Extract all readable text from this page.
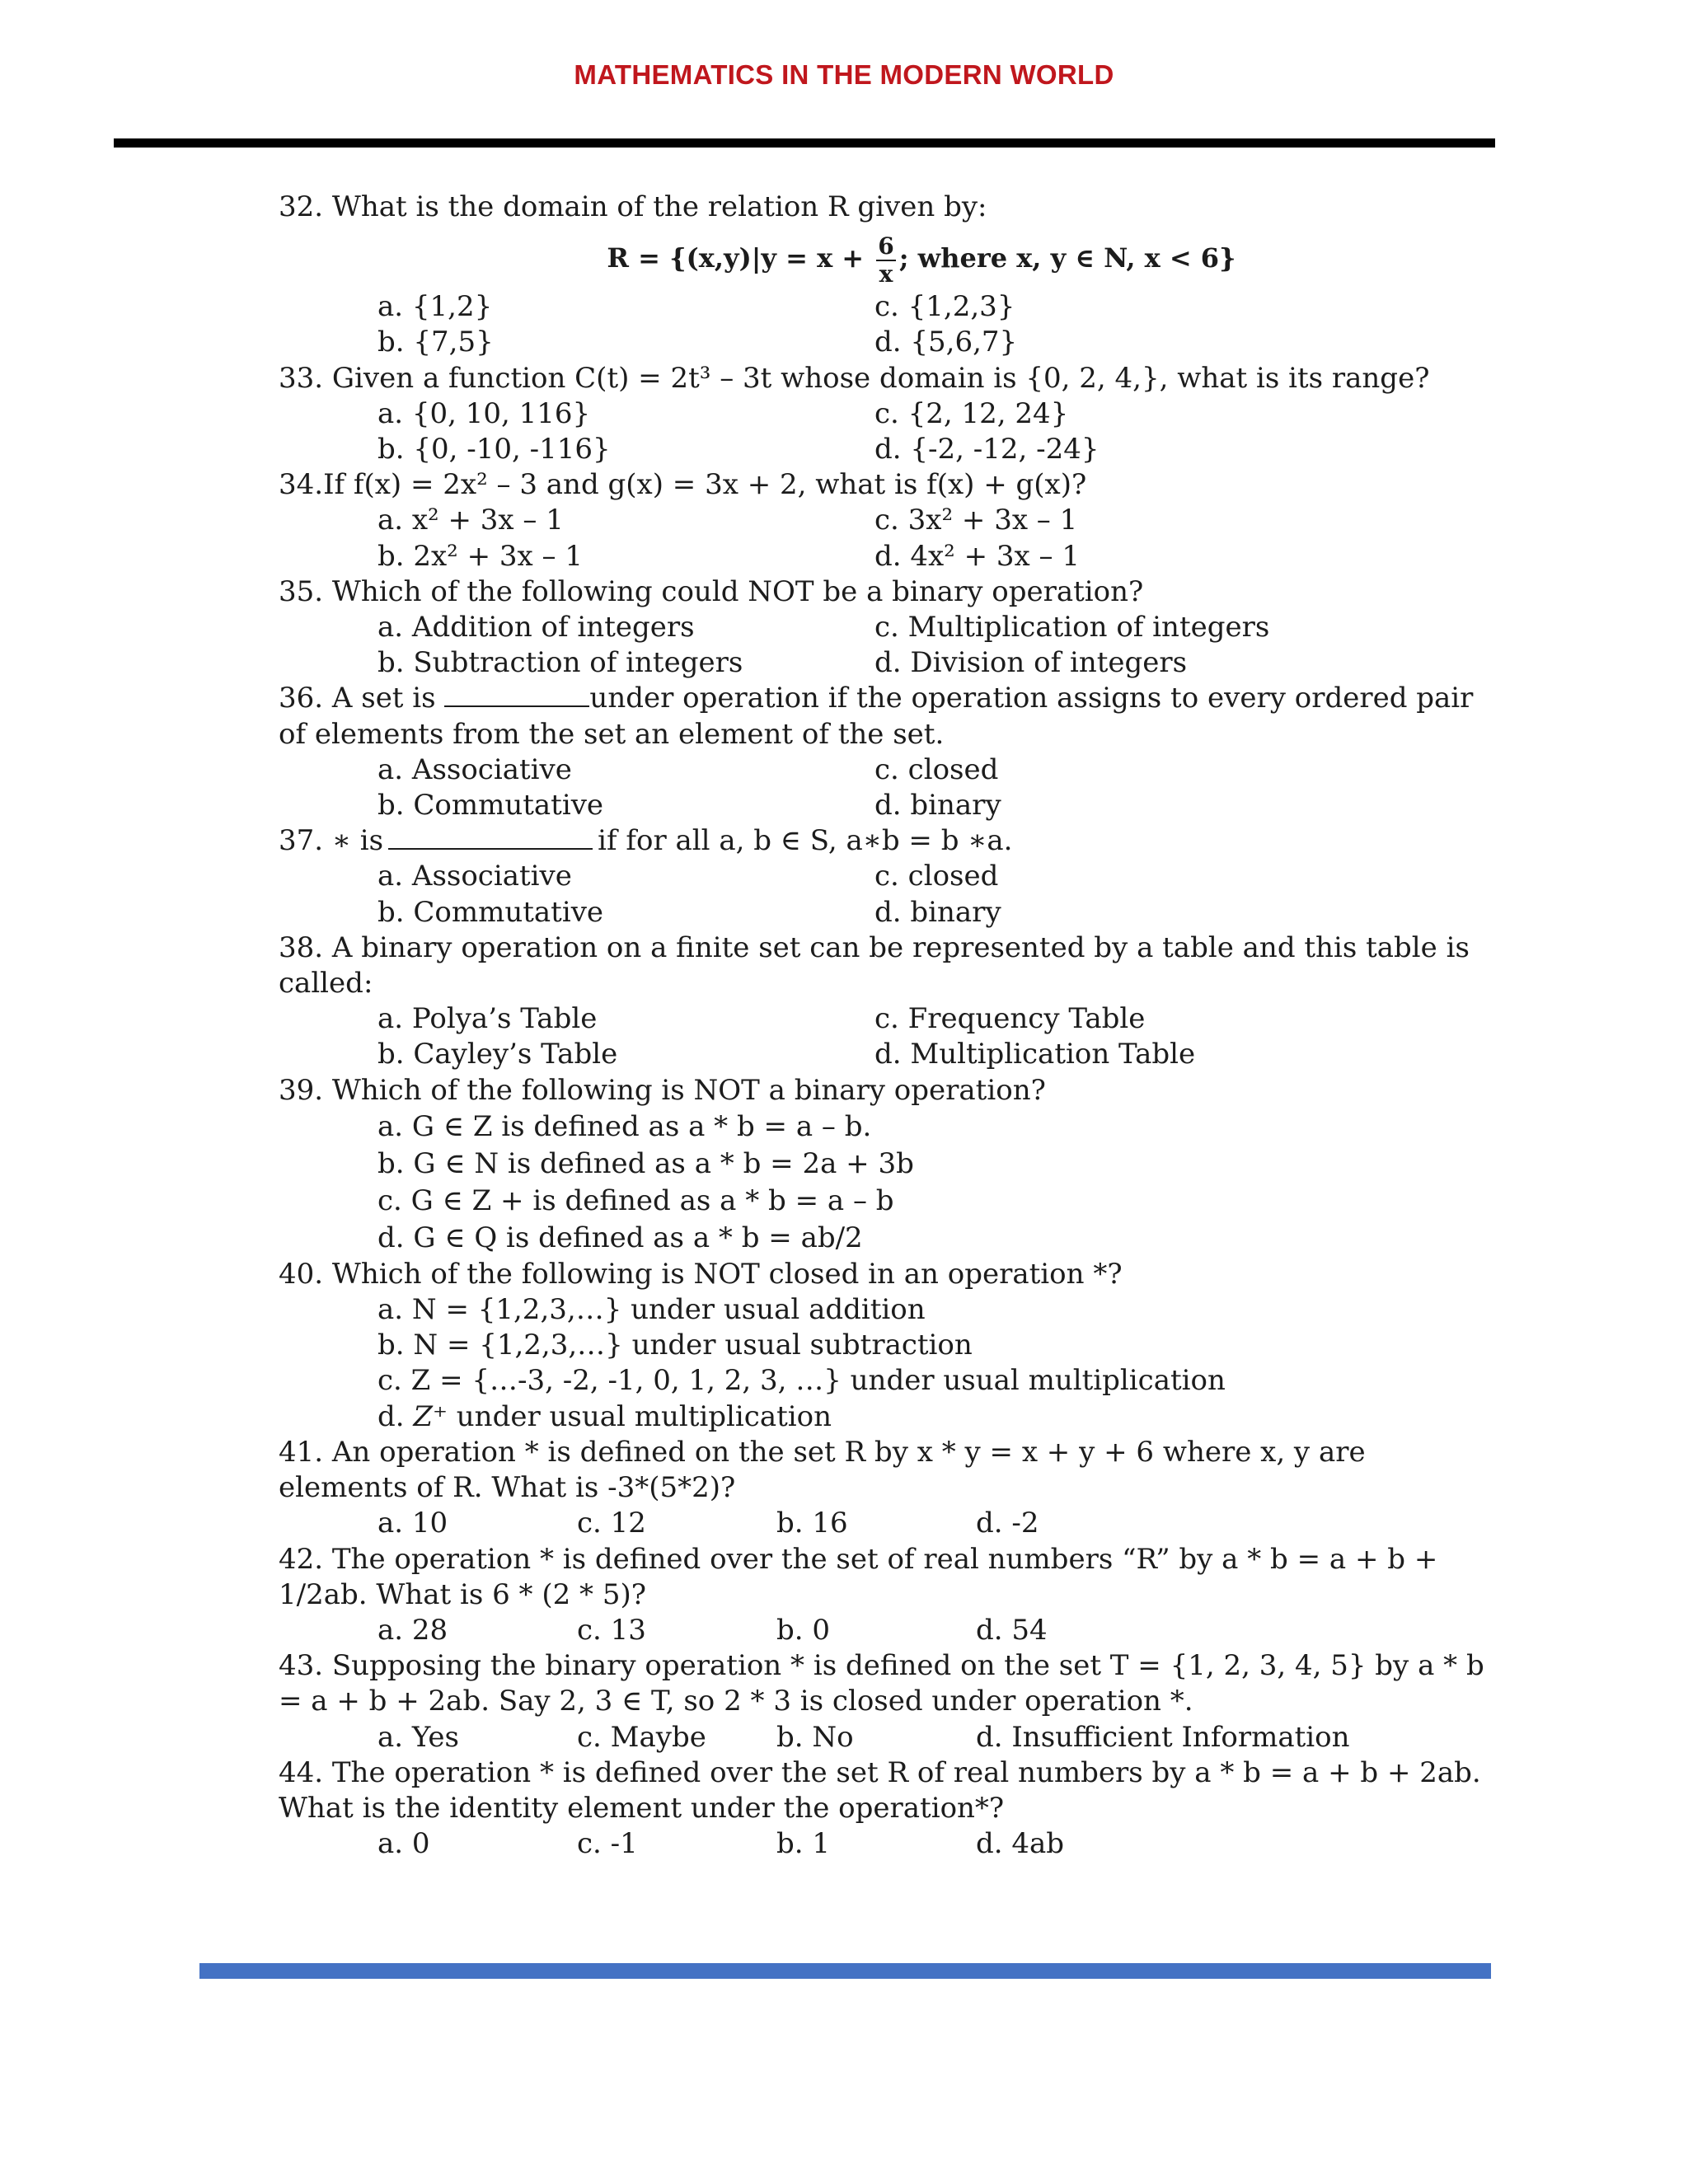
MATHEMATICS IN THE MODERN WORLD
32. What is the domain of the relation R given by:
$R = \{(x,y)|y = x + \frac{6}{x}$ ; where x, y ∈ N, x < 6}
a. {1,2}	c. {1,2,3}
b. {7,5}	d. {5,6,7}
33. Given a function C(t) = 2t³ – 3t whose domain is {0, 2, 4,}, what is its range?
a. {0, 10, 116}	c. {2, 12, 24}
b. {0, -10, -116}	d. {-2, -12, -24}
34.If f(x) = 2x² – 3 and g(x) = 3x + 2, what is f(x) + g(x)?
a. x² + 3x – 1	c. 3x² + 3x – 1
b. 2x² + 3x – 1	d. 4x² + 3x – 1
35. Which of the following could NOT be a binary operation?
a. Addition of integers	c. Multiplication of integers
b. Subtraction of integers	d. Division of integers
36. A set is	under operation if the operation assigns to every ordered pair of elements from the set an element of the set.
a. Associative	c. closed
b. Commutative	d. binary
37. ∗ is	if for all a, b ∈ S, a∗b = b ∗a.
a. Associative	c. closed
b. Commutative	d. binary
38. A binary operation on a finite set can be represented by a table and this table is called:
a. Polya’s Table	c. Frequency Table
b. Cayley’s Table	d. Multiplication Table
39. Which of the following is NOT a binary operation?
a. G ∈ Z is defined as a * b = a – b.
b. G ∈ N is defined as a * b = 2a + 3b
c. G ∈ Z + is defined as a * b = a – b
d. G ∈ Q is defined as a * b = ab/2
40. Which of the following is NOT closed in an operation *?
a. N = {1,2,3,…} under usual addition
b. N = {1,2,3,…} under usual subtraction
c. Z = {…-3, -2, -1, 0, 1, 2, 3, …} under usual multiplication
d. Z⁺ under usual multiplication
41. An operation * is defined on the set R by x * y = x + y + 6 where x, y are elements of R. What is -3*(5*2)?
a. 10	c. 12	b. 16	d. -2
42. The operation * is defined over the set of real numbers “R” by a * b = a + b + 1/2ab. What is 6 * (2 * 5)?
a. 28	c. 13	b. 0	d. 54
43. Supposing the binary operation * is defined on the set T = {1, 2, 3, 4, 5} by a * b = a + b + 2ab. Say 2, 3 ∈ T, so 2 * 3 is closed under operation *.
a. Yes	c. Maybe	b. No	d. Insufficient Information
44. The operation * is defined over the set R of real numbers by a * b = a + b + 2ab. What is the identity element under the operation*?
a. 0	c. -1	b. 1	d. 4ab
